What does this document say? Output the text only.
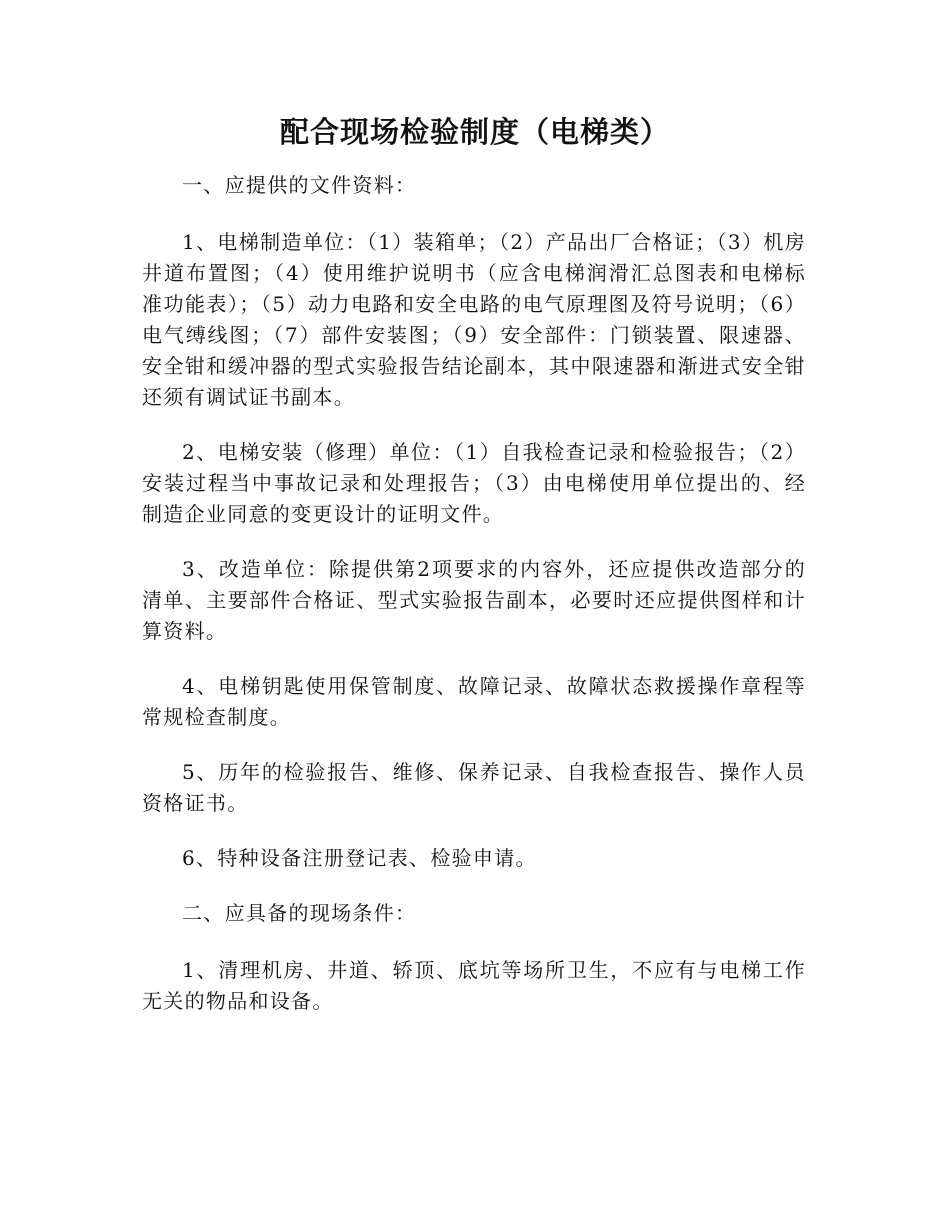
配合现场检验制度（电梯类）

一、应提供的文件资料：

1、电梯制造单位：（1）装箱单；（2）产品出厂合格证；（3）机房井道布置图；（4）使用维护说明书（应含电梯润滑汇总图表和电梯标准功能表）；（5）动力电路和安全电路的电气原理图及符号说明；（6）电气缚线图；（7）部件安装图；（9）安全部件：门锁装置、限速器、安全钳和缓冲器的型式实验报告结论副本，其中限速器和渐进式安全钳还须有调试证书副本。

2、电梯安装（修理）单位：（1）自我检查记录和检验报告；（2）安装过程当中事故记录和处理报告；（3）由电梯使用单位提出的、经制造企业同意的变更设计的证明文件。

3、改造单位：除提供第2项要求的内容外，还应提供改造部分的清单、主要部件合格证、型式实验报告副本，必要时还应提供图样和计算资料。

4、电梯钥匙使用保管制度、故障记录、故障状态救援操作章程等常规检查制度。

5、历年的检验报告、维修、保养记录、自我检查报告、操作人员资格证书。

6、特种设备注册登记表、检验申请。

二、应具备的现场条件：

1、清理机房、井道、轿顶、底坑等场所卫生，不应有与电梯工作无关的物品和设备。
